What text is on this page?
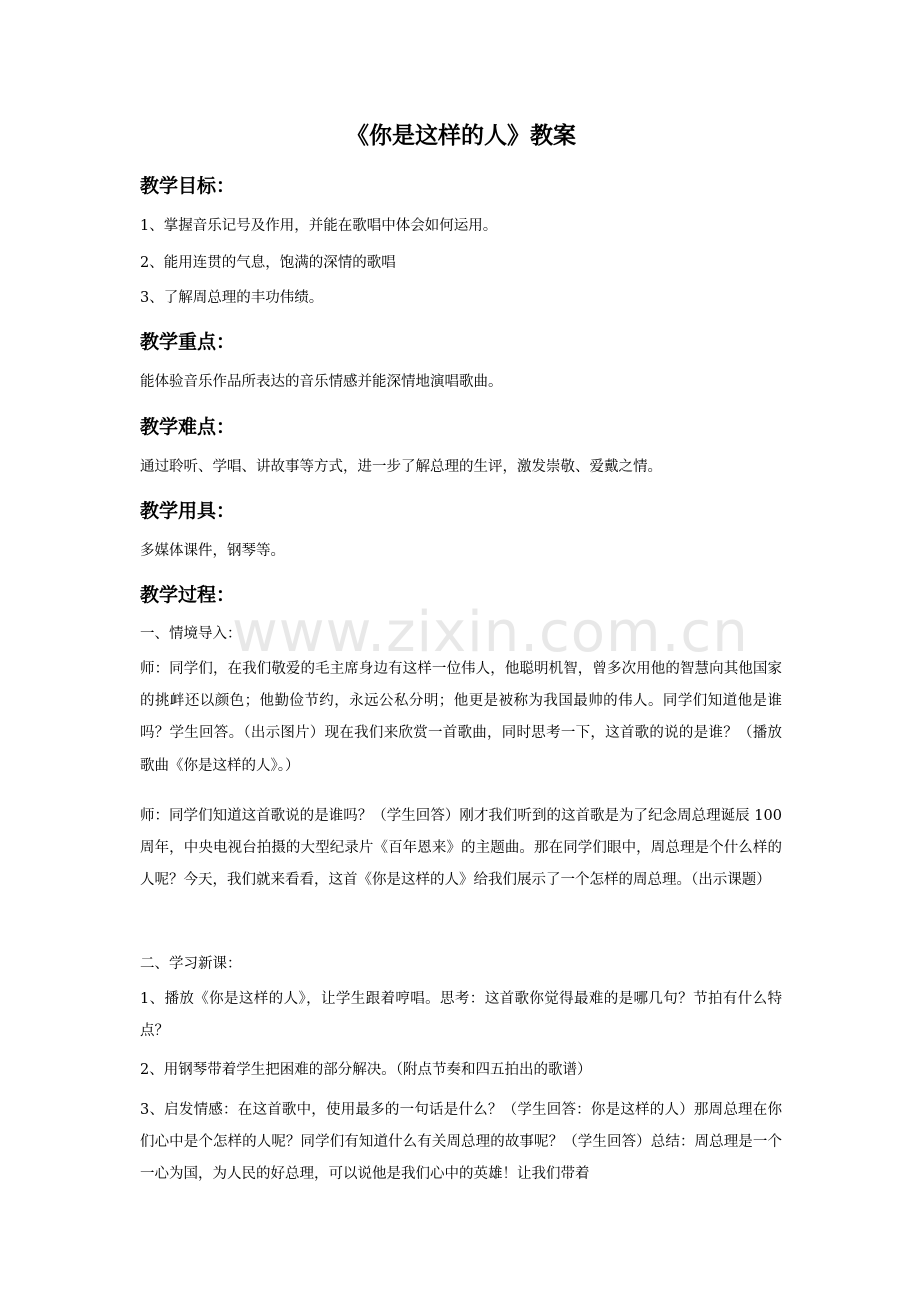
《你是这样的人》教案
教学目标：

1、掌握音乐记号及作用，并能在歌唱中体会如何运用。

2、能用连贯的气息，饱满的深情的歌唱

3、了解周总理的丰功伟绩。

教学重点：

能体验音乐作品所表达的音乐情感并能深情地演唱歌曲。

教学难点：

通过聆听、学唱、讲故事等方式，进一步了解总理的生评，激发崇敬、爱戴之情。

教学用具：

多媒体课件，钢琴等。

教学过程：

一、情境导入：

师：同学们，在我们敬爱的毛主席身边有这样一位伟人，他聪明机智，曾多次用他的智慧向其他国家的挑衅还以颜色；他勤俭节约，永远公私分明；他更是被称为我国最帅的伟人。同学们知道他是谁吗？学生回答。（出示图片）现在我们来欣赏一首歌曲，同时思考一下，这首歌的说的是谁？（播放歌曲《你是这样的人》。）

师：同学们知道这首歌说的是谁吗？（学生回答）刚才我们听到的这首歌是为了纪念周总理诞辰 100 周年，中央电视台拍摄的大型纪录片《百年恩来》的主题曲。那在同学们眼中，周总理是个什么样的人呢？今天，我们就来看看，这首《你是这样的人》给我们展示了一个怎样的周总理。（出示课题）

二、学习新课：

1、播放《你是这样的人》，让学生跟着哼唱。思考：这首歌你觉得最难的是哪几句？节拍有什么特点？

2、用钢琴带着学生把困难的部分解决。（附点节奏和四五拍出的歌谱）

3、启发情感：在这首歌中，使用最多的一句话是什么？（学生回答：你是这样的人）那周总理在你们心中是个怎样的人呢？同学们有知道什么有关周总理的故事呢？（学生回答）总结：周总理是一个一心为国，为人民的好总理，可以说他是我们心中的英雄！让我们带着

www.zixin.com.cn
